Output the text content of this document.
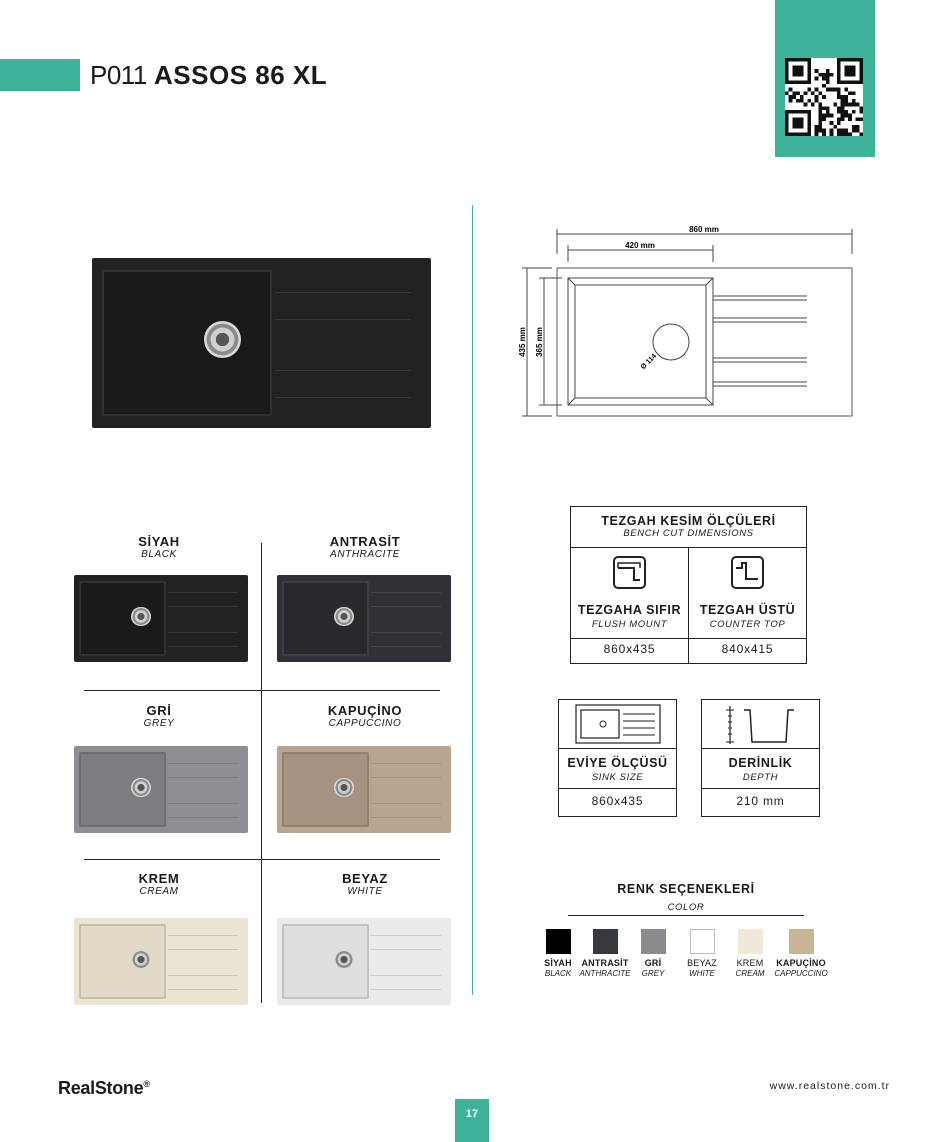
P011 ASSOS 86 XL
SİYAH
BLACK
ANTRASİT
ANTHRACITE
GRİ
GREY
KAPUÇİNO
CAPPUCCINO
KREM
CREAM
BEYAZ
WHITE
860 mm
420 mm
435 mm 365 mm
Ø 114
TEZGAH KESİM ÖLÇÜLERİ
BENCH CUT DIMENSIONS
TEZGAHA SIFIR
FLUSH MOUNT
TEZGAH ÜSTÜ
COUNTER TOP
860x435	840x415
EVİYE ÖLÇÜSÜ
SINK SIZE
860x435
DERİNLİK
DEPTH
210 mm
RENK SEÇENEKLERİ
COLOR
SİYAH
BLACK
ANTRASİT
ANTHRACITE
GRİ
GREY
BEYAZ
WHITE
KREM
CREAM
KAPUÇİNO
CAPPUCCINO
RealStone®	www.realstone.com.tr
17
